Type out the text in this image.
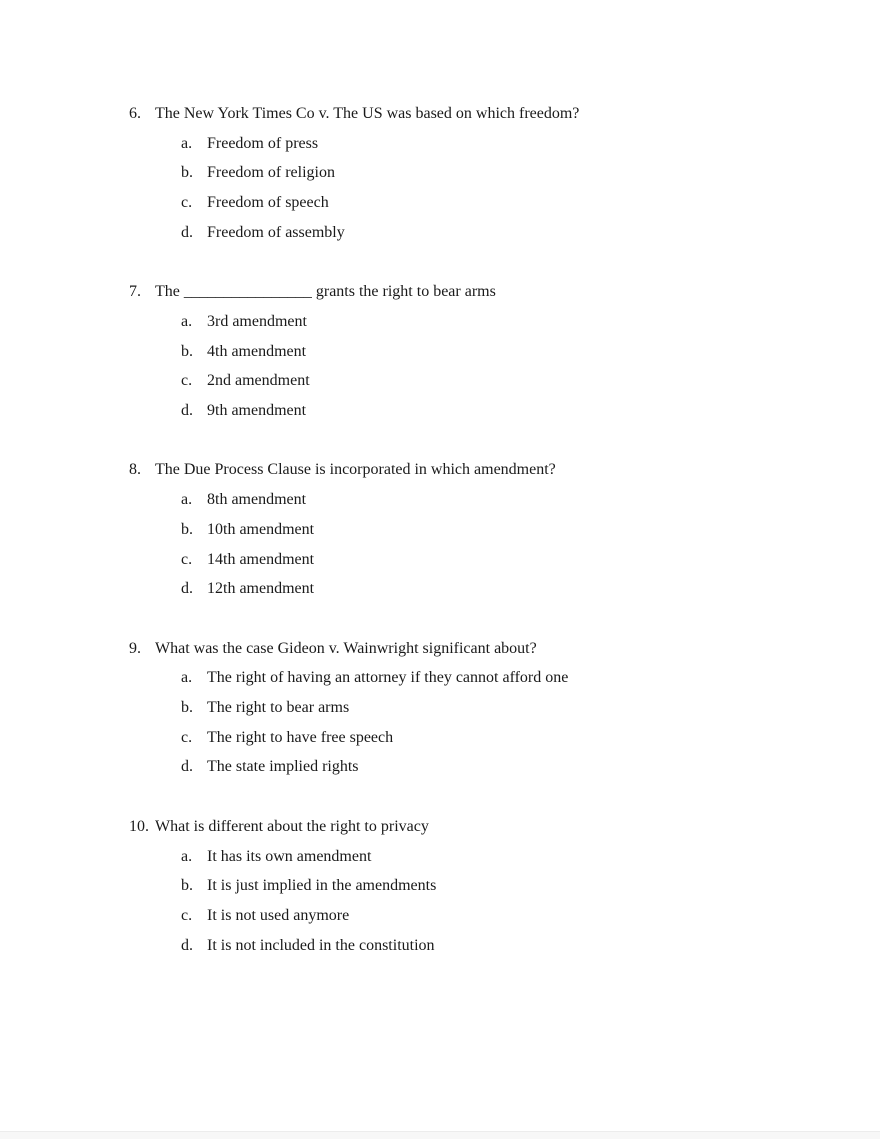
6. The New York Times Co v. The US was based on which freedom?
a. Freedom of press
b. Freedom of religion
c. Freedom of speech
d. Freedom of assembly
7. The ________________ grants the right to bear arms
a. 3rd amendment
b. 4th amendment
c. 2nd amendment
d. 9th amendment
8. The Due Process Clause is incorporated in which amendment?
a. 8th amendment
b. 10th amendment
c. 14th amendment
d. 12th amendment
9. What was the case Gideon v. Wainwright significant about?
a. The right of having an attorney if they cannot afford one
b. The right to bear arms
c. The right to have free speech
d. The state implied rights
10. What is different about the right to privacy
a. It has its own amendment
b. It is just implied in the amendments
c. It is not used anymore
d. It is not included in the constitution
